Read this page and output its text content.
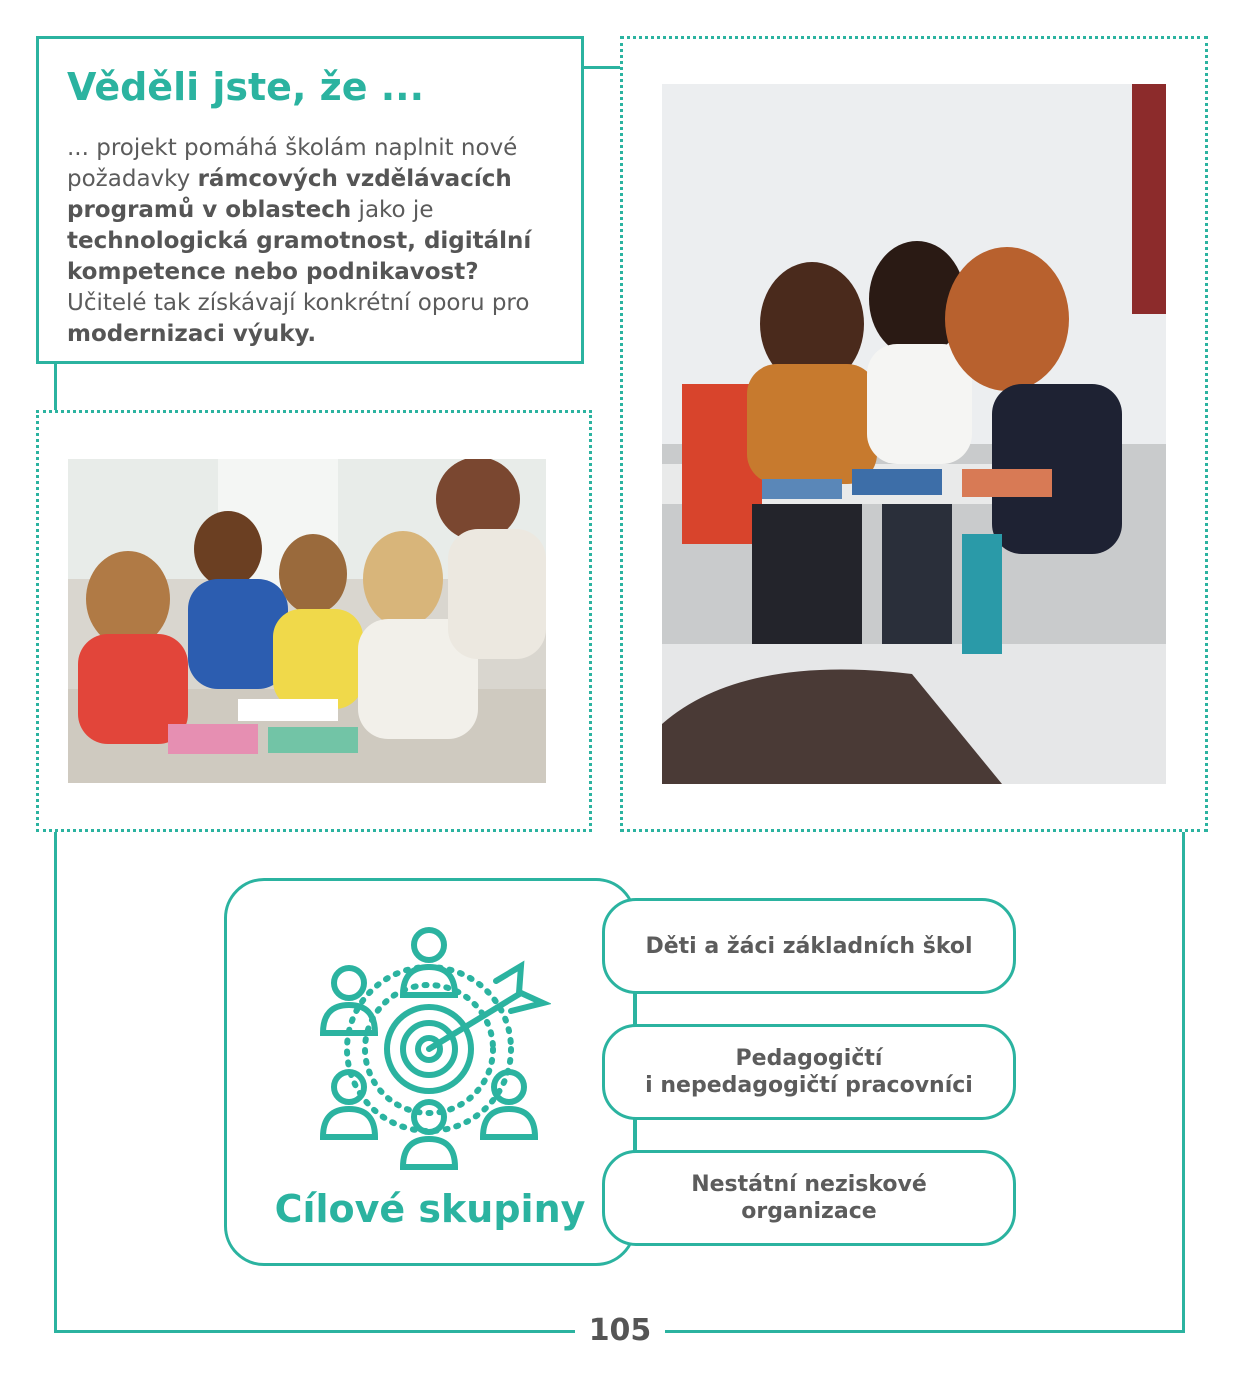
Věděli jste, že ...

... projekt pomáhá školám naplnit nové požadavky rámcových vzdělávacích programů v oblastech jako je technologická gramotnost, digitální kompetence nebo podnikavost? Učitelé tak získávají konkrétní oporu pro modernizaci výuky.

Cílové skupiny
Děti a žáci základních škol
Pedagogičtí
i nepedagogičtí pracovníci
Nestátní neziskové
organizace
105
